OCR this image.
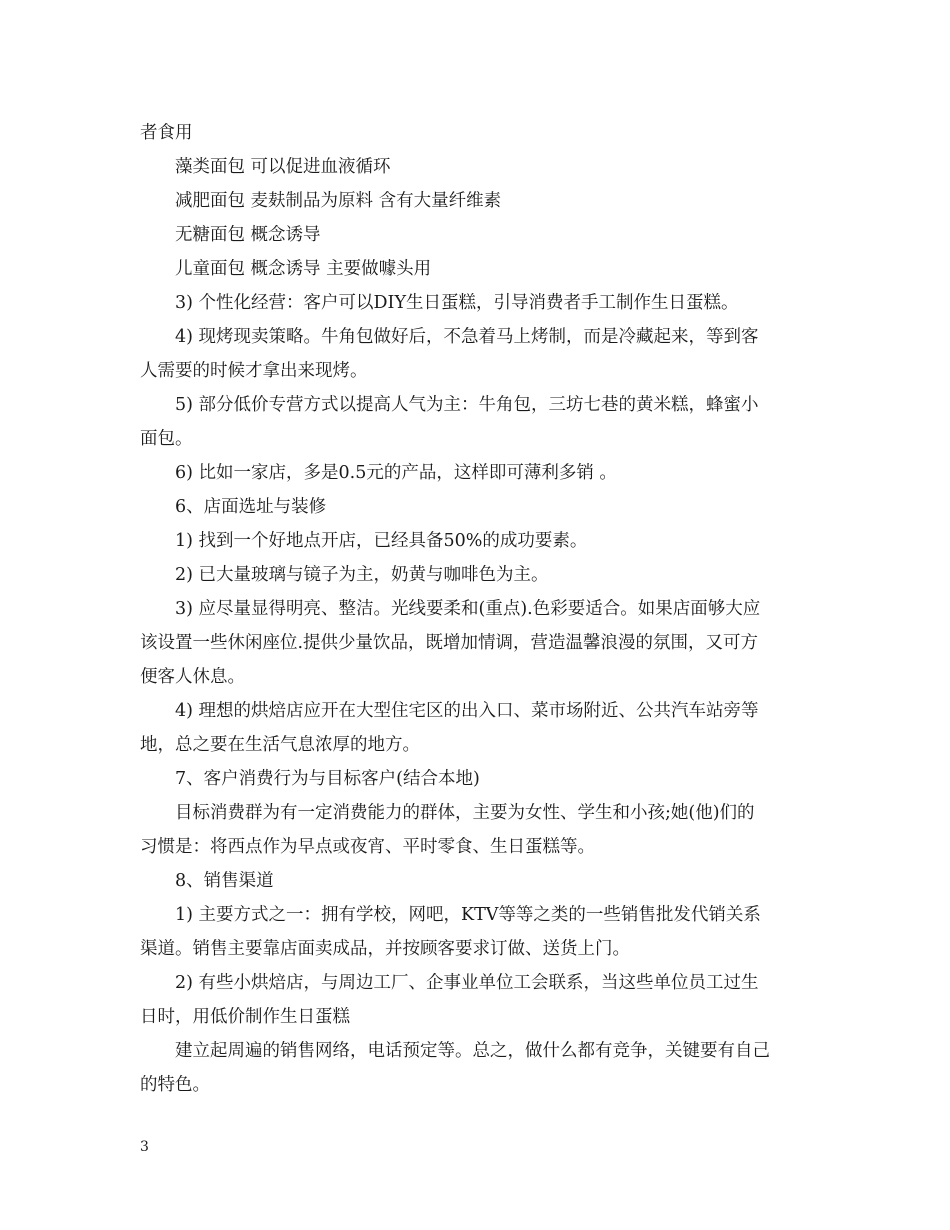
者食用
藻类面包 可以促进血液循环
减肥面包 麦麸制品为原料 含有大量纤维素
无糖面包 概念诱导
儿童面包 概念诱导 主要做噱头用
3) 个性化经营：客户可以DIY生日蛋糕，引导消费者手工制作生日蛋糕。
4) 现烤现卖策略。牛角包做好后，不急着马上烤制，而是冷藏起来，等到客
人需要的时候才拿出来现烤。
5) 部分低价专营方式以提高人气为主：牛角包，三坊七巷的黄米糕，蜂蜜小
面包。
6) 比如一家店，多是0.5元的产品，这样即可薄利多销 。
6、店面选址与装修
1) 找到一个好地点开店，已经具备50%的成功要素。
2) 已大量玻璃与镜子为主，奶黄与咖啡色为主。
3) 应尽量显得明亮、整洁。光线要柔和(重点).色彩要适合。如果店面够大应
该设置一些休闲座位.提供少量饮品，既增加情调，营造温馨浪漫的氛围，又可方
便客人休息。
4) 理想的烘焙店应开在大型住宅区的出入口、菜市场附近、公共汽车站旁等
地，总之要在生活气息浓厚的地方。
7、客户消费行为与目标客户(结合本地)
目标消费群为有一定消费能力的群体，主要为女性、学生和小孩;她(他)们的
习惯是：将西点作为早点或夜宵、平时零食、生日蛋糕等。
8、销售渠道
1) 主要方式之一：拥有学校，网吧，KTV等等之类的一些销售批发代销关系
渠道。销售主要靠店面卖成品，并按顾客要求订做、送货上门。
2) 有些小烘焙店，与周边工厂、企事业单位工会联系，当这些单位员工过生
日时，用低价制作生日蛋糕
建立起周遍的销售网络，电话预定等。总之，做什么都有竞争，关键要有自己
的特色。
3
